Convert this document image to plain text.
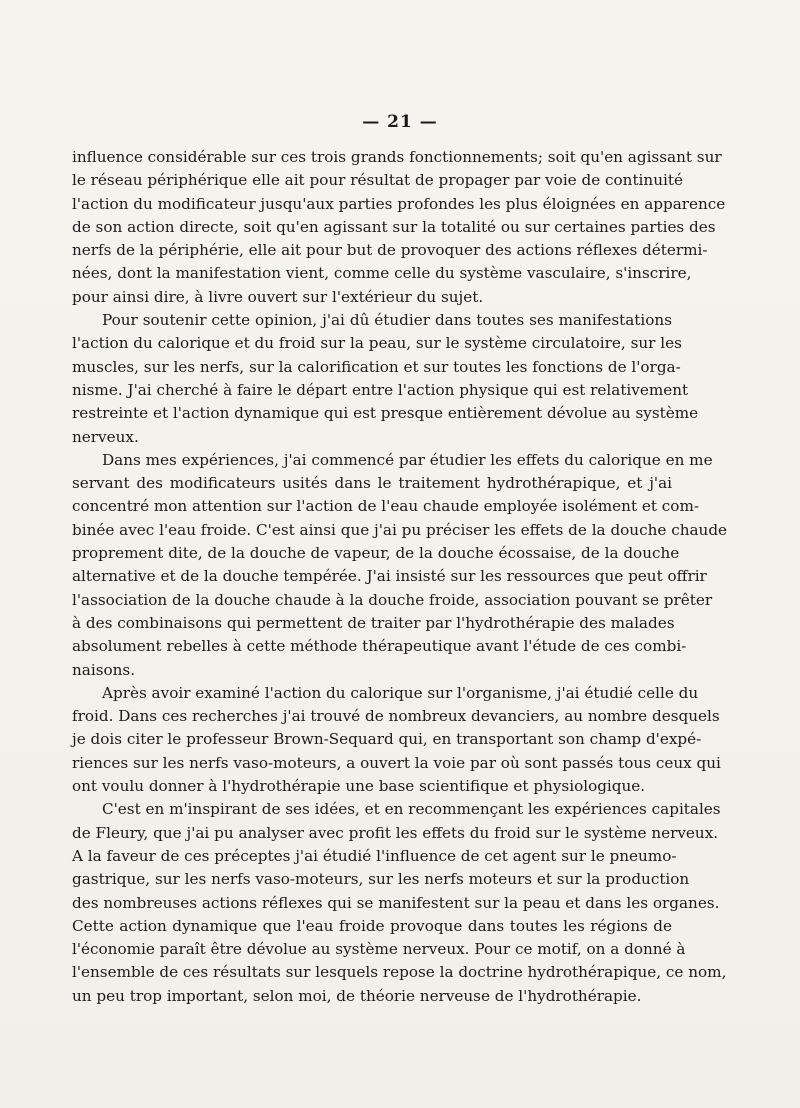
— 21 —
influence considérable sur ces trois grands fonctionnements; soit qu'en agissant sur
le réseau périphérique elle ait pour résultat de propager par voie de continuité
l'action du modificateur jusqu'aux parties profondes les plus éloignées en apparence
de son action directe, soit qu'en agissant sur la totalité ou sur certaines parties des
nerfs de la périphérie, elle ait pour but de provoquer des actions réflexes détermi-
nées, dont la manifestation vient, comme celle du système vasculaire, s'inscrire,
pour ainsi dire, à livre ouvert sur l'extérieur du sujet.
Pour soutenir cette opinion, j'ai dû étudier dans toutes ses manifestations
l'action du calorique et du froid sur la peau, sur le système circulatoire, sur les
muscles, sur les nerfs, sur la calorification et sur toutes les fonctions de l'orga-
nisme. J'ai cherché à faire le départ entre l'action physique qui est relativement
restreinte et l'action dynamique qui est presque entièrement dévolue au système
nerveux.
Dans mes expériences, j'ai commencé par étudier les effets du calorique en me
servant des modificateurs usités dans le traitement hydrothérapique, et j'ai
concentré mon attention sur l'action de l'eau chaude employée isolément et com-
binée avec l'eau froide. C'est ainsi que j'ai pu préciser les effets de la douche chaude
proprement dite, de la douche de vapeur, de la douche écossaise, de la douche
alternative et de la douche tempérée. J'ai insisté sur les ressources que peut offrir
l'association de la douche chaude à la douche froide, association pouvant se prêter
à des combinaisons qui permettent de traiter par l'hydrothérapie des malades
absolument rebelles à cette méthode thérapeutique avant l'étude de ces combi-
naisons.
Après avoir examiné l'action du calorique sur l'organisme, j'ai étudié celle du
froid. Dans ces recherches j'ai trouvé de nombreux devanciers, au nombre desquels
je dois citer le professeur Brown-Sequard qui, en transportant son champ d'expé-
riences sur les nerfs vaso-moteurs, a ouvert la voie par où sont passés tous ceux qui
ont voulu donner à l'hydrothérapie une base scientifique et physiologique.
C'est en m'inspirant de ses idées, et en recommençant les expériences capitales
de Fleury, que j'ai pu analyser avec profit les effets du froid sur le système nerveux.
A la faveur de ces préceptes j'ai étudié l'influence de cet agent sur le pneumo-
gastrique, sur les nerfs vaso-moteurs, sur les nerfs moteurs et sur la production
des nombreuses actions réflexes qui se manifestent sur la peau et dans les organes.
Cette action dynamique que l'eau froide provoque dans toutes les régions de
l'économie paraît être dévolue au système nerveux. Pour ce motif, on a donné à
l'ensemble de ces résultats sur lesquels repose la doctrine hydrothérapique, ce nom,
un peu trop important, selon moi, de théorie nerveuse de l'hydrothérapie.
